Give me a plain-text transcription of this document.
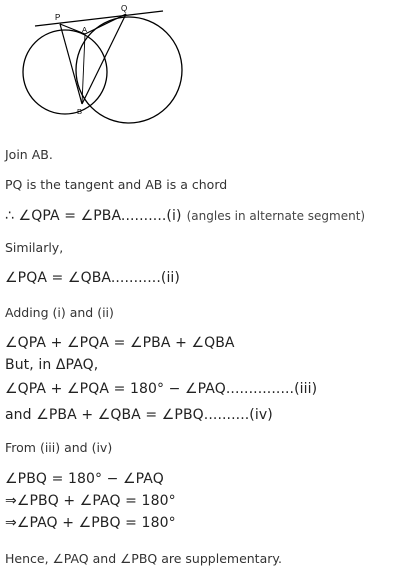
P
Q
A
B
Join AB.
PQ is the tangent and AB is a chord
∴ ∠QPA = ∠PBA..........(i) (angles in alternate segment)
Similarly,
∠PQA = ∠QBA...........(ii)
Adding (i) and (ii)
∠QPA + ∠PQA = ∠PBA + ∠QBA
But, in ΔPAQ,
∠QPA + ∠PQA = 180° − ∠PAQ...............(iii)
and ∠PBA + ∠QBA = ∠PBQ..........(iv)
From (iii) and (iv)
∠PBQ = 180° − ∠PAQ
⇒∠PBQ + ∠PAQ = 180°
⇒∠PAQ + ∠PBQ = 180°
Hence, ∠PAQ and ∠PBQ are supplementary.
